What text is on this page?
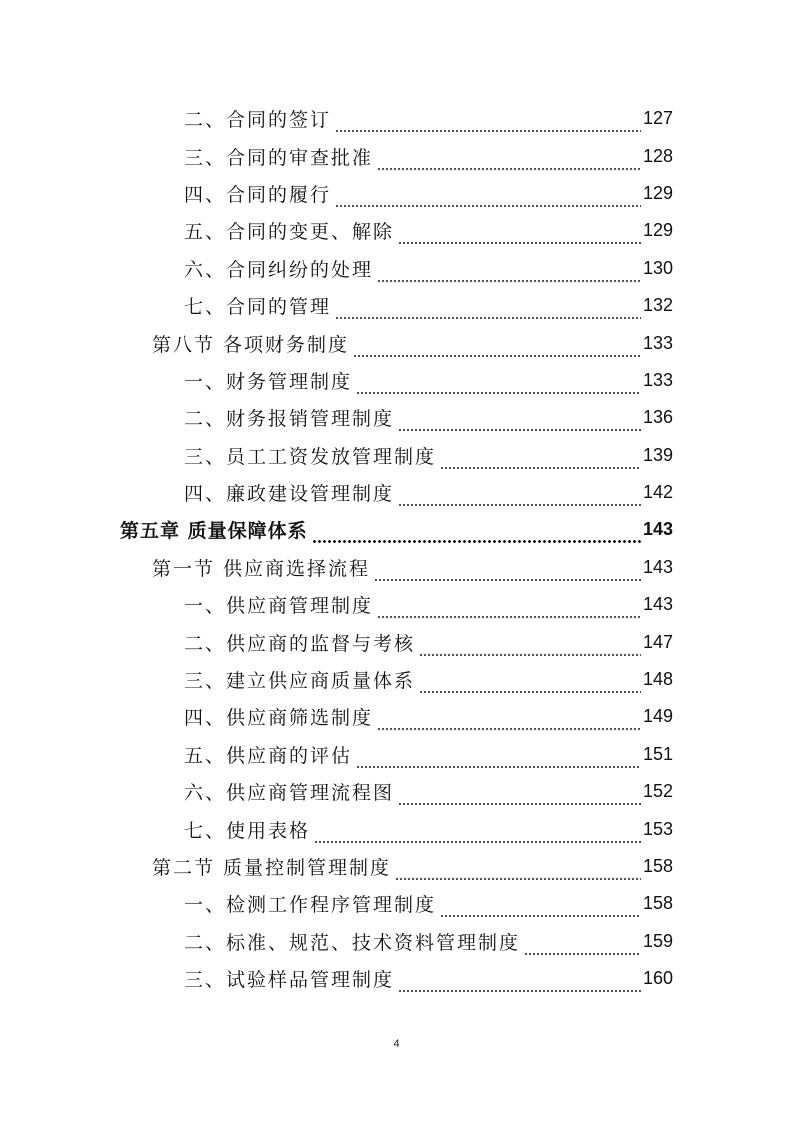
二、合同的签订	127
三、合同的审查批准	128
四、合同的履行	129
五、合同的变更、解除	129
六、合同纠纷的处理	130
七、合同的管理	132
第八节 各项财务制度	133
一、财务管理制度	133
二、财务报销管理制度	136
三、员工工资发放管理制度	139
四、廉政建设管理制度	142
第五章 质量保障体系	143
第一节 供应商选择流程	143
一、供应商管理制度	143
二、供应商的监督与考核	147
三、建立供应商质量体系	148
四、供应商筛选制度	149
五、供应商的评估	151
六、供应商管理流程图	152
七、使用表格	153
第二节 质量控制管理制度	158
一、检测工作程序管理制度	158
二、标准、规范、技术资料管理制度	159
三、试验样品管理制度	160
4
